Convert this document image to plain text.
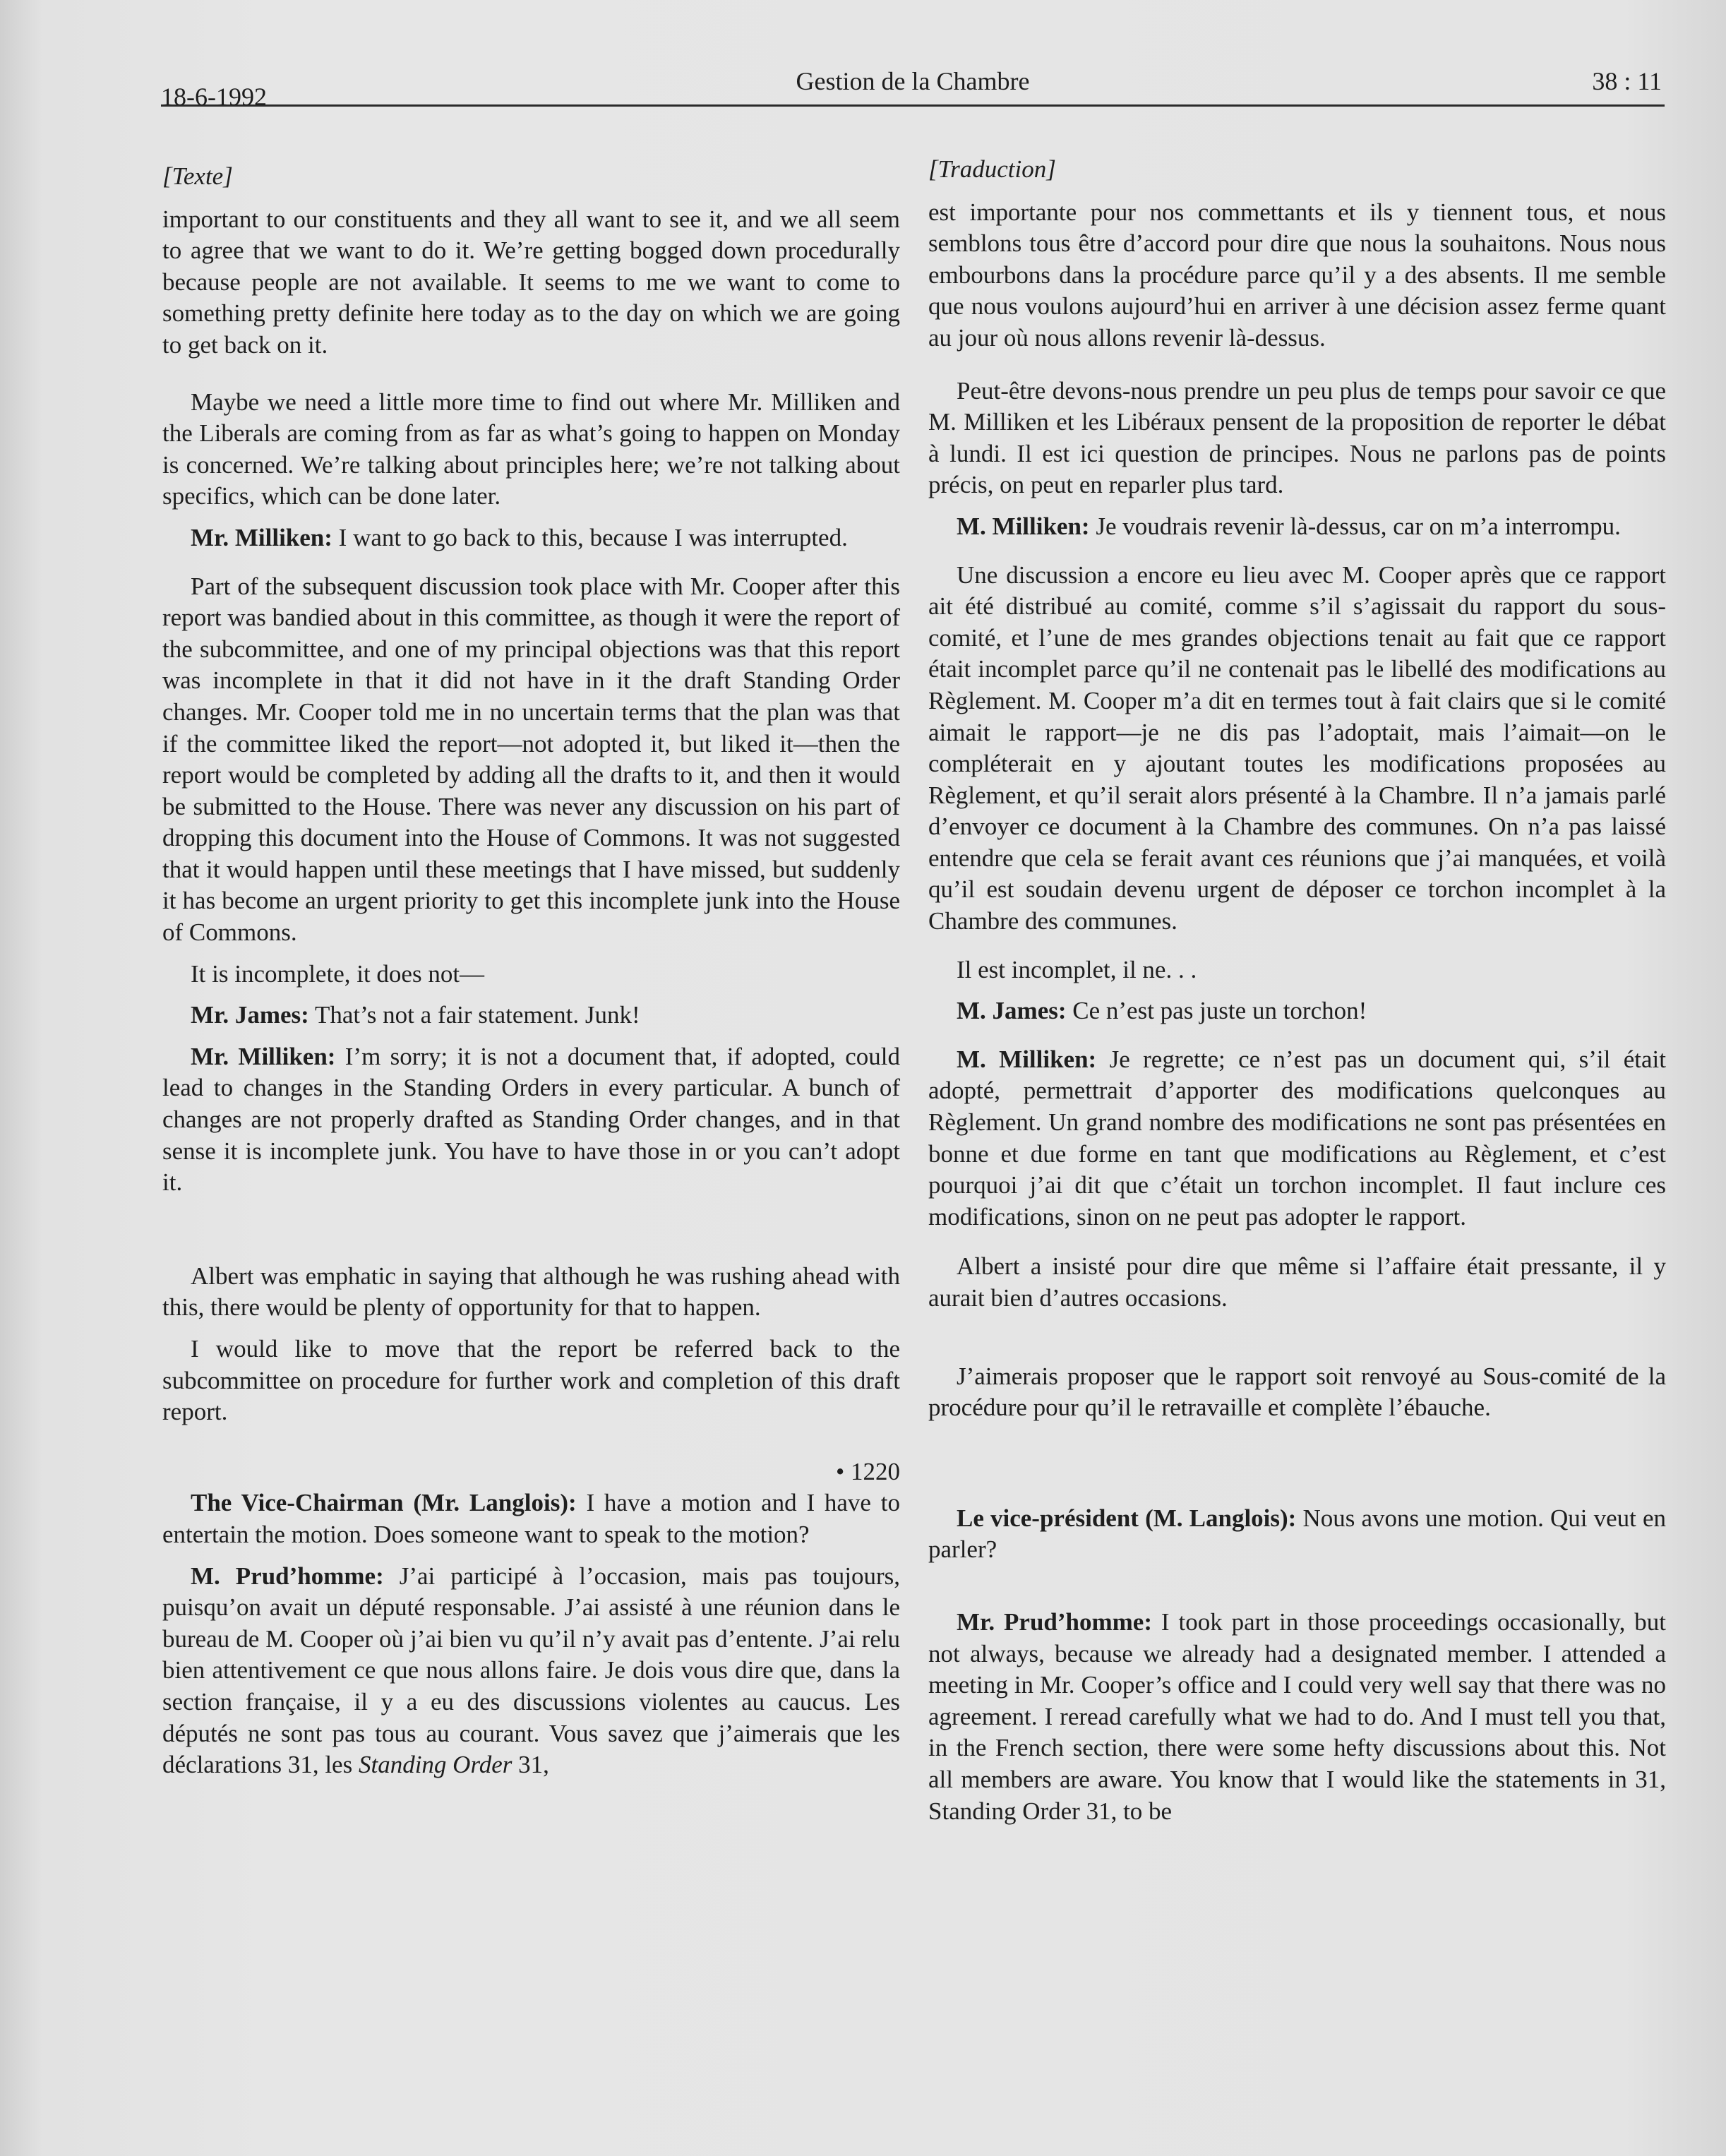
18-6-1992
Gestion de la Chambre	38 : 11

[Texte]

important to our constituents and they all want to see it, and we all seem to agree that we want to do it. We’re getting bogged down procedurally because people are not available. It seems to me we want to come to something pretty definite here today as to the day on which we are going to get back on it.

Maybe we need a little more time to find out where Mr. Milliken and the Liberals are coming from as far as what’s going to happen on Monday is concerned. We’re talking about principles here; we’re not talking about specifics, which can be done later.

Mr. Milliken: I want to go back to this, because I was interrupted.

Part of the subsequent discussion took place with Mr. Cooper after this report was bandied about in this committee, as though it were the report of the subcommittee, and one of my principal objections was that this report was incomplete in that it did not have in it the draft Standing Order changes. Mr. Cooper told me in no uncertain terms that the plan was that if the committee liked the report—not adopted it, but liked it—then the report would be completed by adding all the drafts to it, and then it would be submitted to the House. There was never any discussion on his part of dropping this document into the House of Commons. It was not suggested that it would happen until these meetings that I have missed, but suddenly it has become an urgent priority to get this incomplete junk into the House of Commons.

It is incomplete, it does not—

Mr. James: That’s not a fair statement. Junk!

Mr. Milliken: I’m sorry; it is not a document that, if adopted, could lead to changes in the Standing Orders in every particular. A bunch of changes are not properly drafted as Standing Order changes, and in that sense it is incomplete junk. You have to have those in or you can’t adopt it.

Albert was emphatic in saying that although he was rushing ahead with this, there would be plenty of opportunity for that to happen.

I would like to move that the report be referred back to the subcommittee on procedure for further work and completion of this draft report.

• 1220

The Vice-Chairman (Mr. Langlois): I have a motion and I have to entertain the motion. Does someone want to speak to the motion?

M. Prud’homme: J’ai participé à l’occasion, mais pas toujours, puisqu’on avait un député responsable. J’ai assisté à une réunion dans le bureau de M. Cooper où j’ai bien vu qu’il n’y avait pas d’entente. J’ai relu bien attentivement ce que nous allons faire. Je dois vous dire que, dans la section française, il y a eu des discussions violentes au caucus. Les députés ne sont pas tous au courant. Vous savez que j’aimerais que les déclarations 31, les Standing Order 31,

[Traduction]

est importante pour nos commettants et ils y tiennent tous, et nous semblons tous être d’accord pour dire que nous la souhaitons. Nous nous embourbons dans la procédure parce qu’il y a des absents. Il me semble que nous voulons aujourd’hui en arriver à une décision assez ferme quant au jour où nous allons revenir là-dessus.

Peut-être devons-nous prendre un peu plus de temps pour savoir ce que M. Milliken et les Libéraux pensent de la proposition de reporter le débat à lundi. Il est ici question de principes. Nous ne parlons pas de points précis, on peut en reparler plus tard.

M. Milliken: Je voudrais revenir là-dessus, car on m’a interrompu.

Une discussion a encore eu lieu avec M. Cooper après que ce rapport ait été distribué au comité, comme s’il s’agissait du rapport du sous-comité, et l’une de mes grandes objections tenait au fait que ce rapport était incomplet parce qu’il ne contenait pas le libellé des modifications au Règlement. M. Cooper m’a dit en termes tout à fait clairs que si le comité aimait le rapport—je ne dis pas l’adoptait, mais l’aimait—on le compléterait en y ajoutant toutes les modifications proposées au Règlement, et qu’il serait alors présenté à la Chambre. Il n’a jamais parlé d’envoyer ce document à la Chambre des communes. On n’a pas laissé entendre que cela se ferait avant ces réunions que j’ai manquées, et voilà qu’il est soudain devenu urgent de déposer ce torchon incomplet à la Chambre des communes.

Il est incomplet, il ne. . .

M. James: Ce n’est pas juste un torchon!

M. Milliken: Je regrette; ce n’est pas un document qui, s’il était adopté, permettrait d’apporter des modifications quelconques au Règlement. Un grand nombre des modifications ne sont pas présentées en bonne et due forme en tant que modifications au Règlement, et c’est pourquoi j’ai dit que c’était un torchon incomplet. Il faut inclure ces modifications, sinon on ne peut pas adopter le rapport.

Albert a insisté pour dire que même si l’affaire était pressante, il y aurait bien d’autres occasions.

J’aimerais proposer que le rapport soit renvoyé au Sous-comité de la procédure pour qu’il le retravaille et complète l’ébauche.

Le vice-président (M. Langlois): Nous avons une motion. Qui veut en parler?

Mr. Prud’homme: I took part in those proceedings occasionally, but not always, because we already had a designated member. I attended a meeting in Mr. Cooper’s office and I could very well say that there was no agreement. I reread carefully what we had to do. And I must tell you that, in the French section, there were some hefty discussions about this. Not all members are aware. You know that I would like the statements in 31, Standing Order 31, to be
